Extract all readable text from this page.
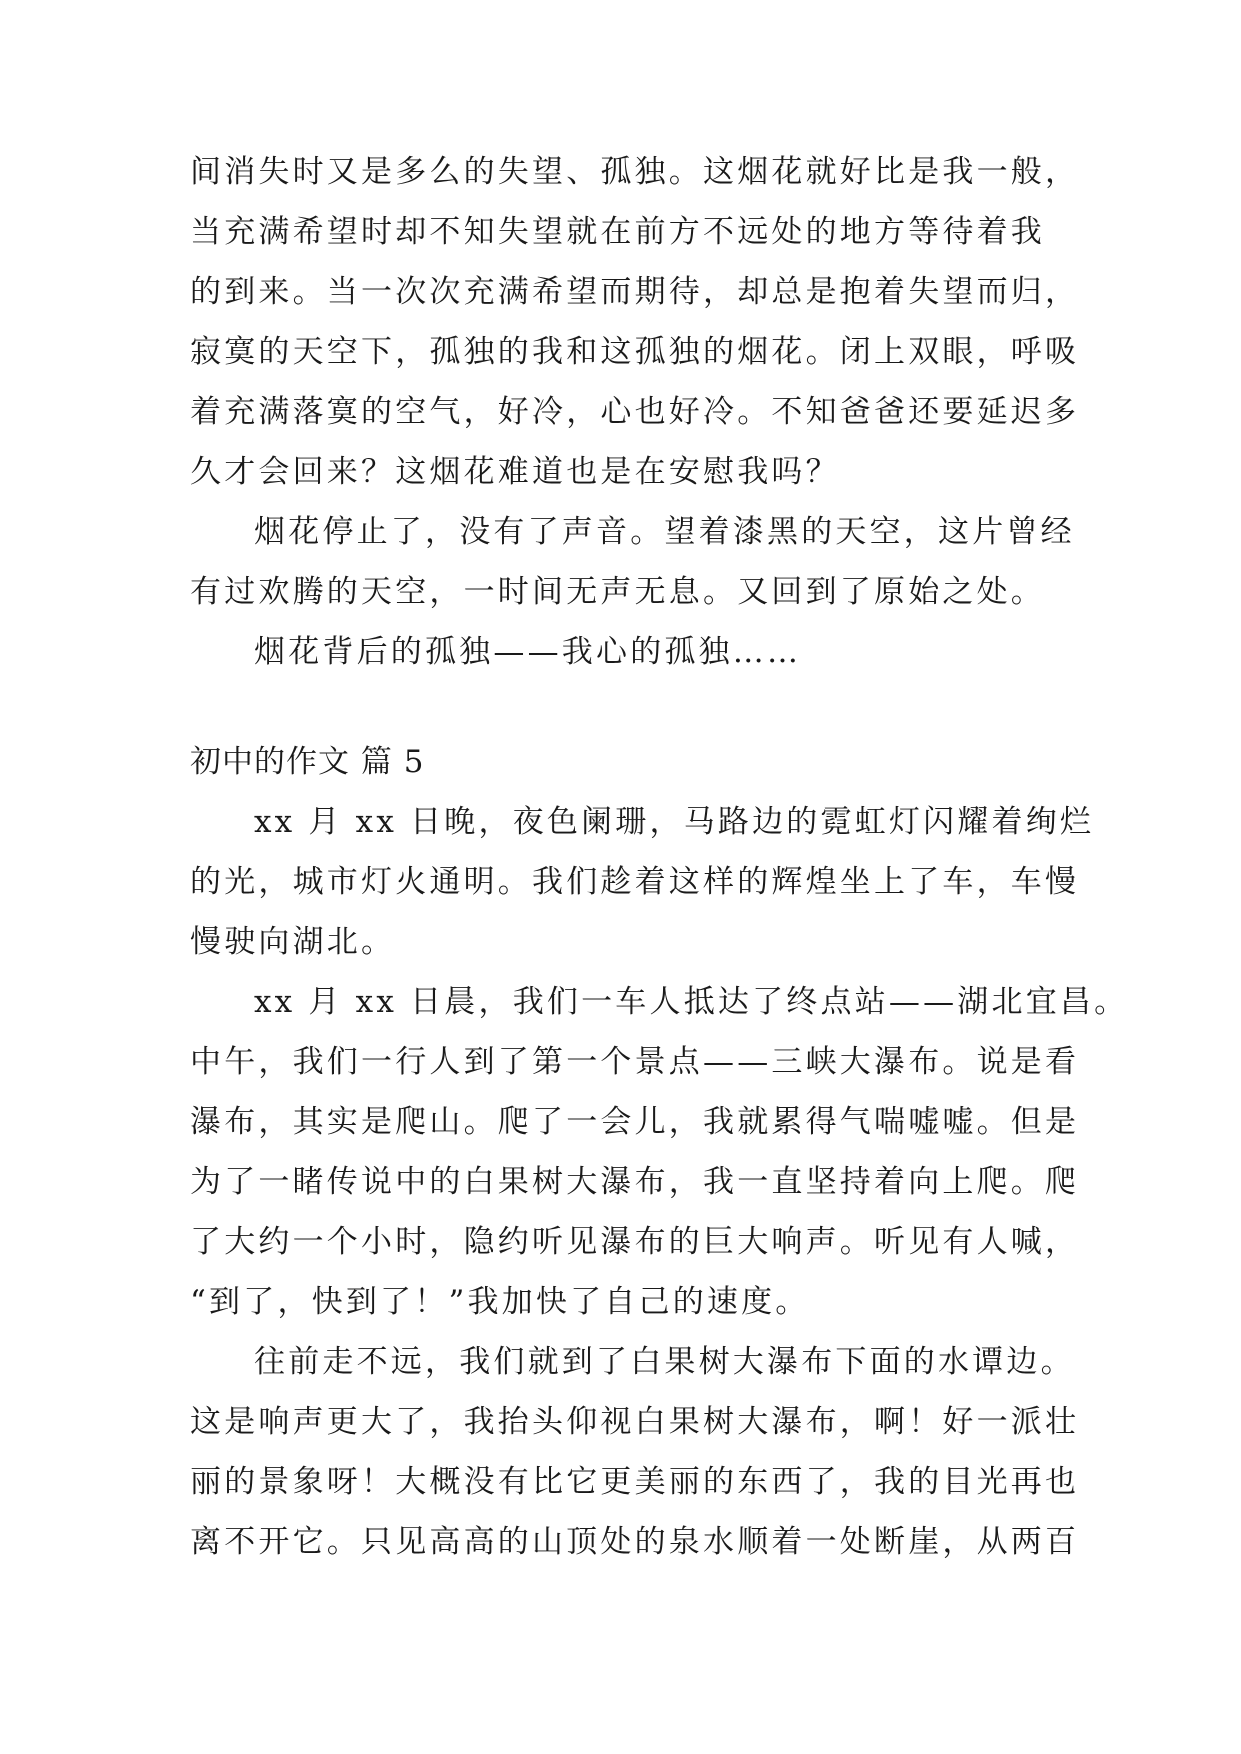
间消失时又是多么的失望、孤独。这烟花就好比是我一般，
当充满希望时却不知失望就在前方不远处的地方等待着我
的到来。当一次次充满希望而期待，却总是抱着失望而归，
寂寞的天空下，孤独的我和这孤独的烟花。闭上双眼，呼吸
着充满落寞的空气，好冷，心也好冷。不知爸爸还要延迟多
久才会回来？这烟花难道也是在安慰我吗？
烟花停止了，没有了声音。望着漆黑的天空，这片曾经
有过欢腾的天空，一时间无声无息。又回到了原始之处。
烟花背后的孤独——我心的孤独……
初中的作文 篇 5
xx 月 xx 日晚，夜色阑珊，马路边的霓虹灯闪耀着绚烂
的光，城市灯火通明。我们趁着这样的辉煌坐上了车，车慢
慢驶向湖北。
xx 月 xx 日晨，我们一车人抵达了终点站——湖北宜昌。
中午，我们一行人到了第一个景点——三峡大瀑布。说是看
瀑布，其实是爬山。爬了一会儿，我就累得气喘嘘嘘。但是
为了一睹传说中的白果树大瀑布，我一直坚持着向上爬。爬
了大约一个小时，隐约听见瀑布的巨大响声。听见有人喊，
“到了，快到了！”我加快了自己的速度。
往前走不远，我们就到了白果树大瀑布下面的水谭边。
这是响声更大了，我抬头仰视白果树大瀑布，啊！好一派壮
丽的景象呀！大概没有比它更美丽的东西了，我的目光再也
离不开它。只见高高的山顶处的泉水顺着一处断崖，从两百
